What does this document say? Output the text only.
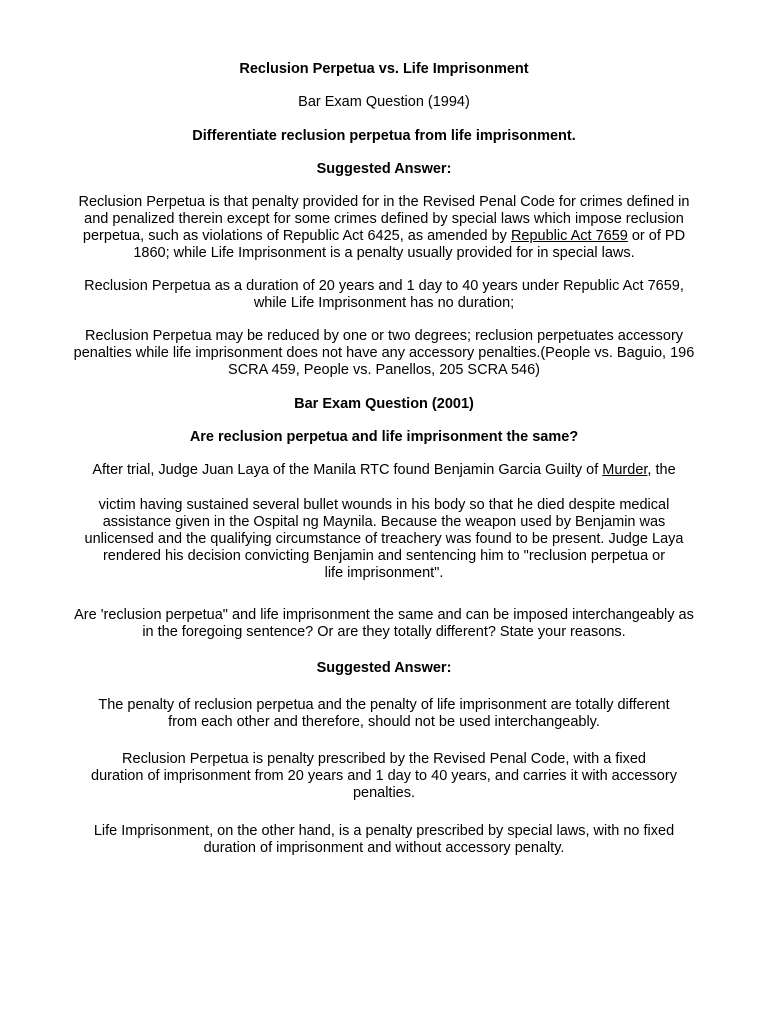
Reclusion Perpetua vs. Life Imprisonment

Bar Exam Question (1994)

Differentiate reclusion perpetua from life imprisonment.

Suggested Answer:

Reclusion Perpetua is that penalty provided for in the Revised Penal Code for crimes defined in
and penalized therein except for some crimes defined by special laws which impose reclusion
perpetua, such as violations of Republic Act 6425, as amended by Republic Act 7659 or of PD
1860; while Life Imprisonment is a penalty usually provided for in special laws.
Reclusion Perpetua as a duration of 20 years and 1 day to 40 years under Republic Act 7659,
while Life Imprisonment has no duration;
Reclusion Perpetua may be reduced by one or two degrees; reclusion perpetuates accessory
penalties while life imprisonment does not have any accessory penalties.(People vs. Baguio, 196
SCRA 459, People vs. Panellos, 205 SCRA 546)

Bar Exam Question (2001)

Are reclusion perpetua and life imprisonment the same?

After trial, Judge Juan Laya of the Manila RTC found Benjamin Garcia Guilty of Murder, the
victim having sustained several bullet wounds in his body so that he died despite medical
assistance given in the Ospital ng Maynila. Because the weapon used by Benjamin was
unlicensed and the qualifying circumstance of treachery was found to be present. Judge Laya
rendered his decision convicting Benjamin and sentencing him to "reclusion perpetua or
life imprisonment".
Are 'reclusion perpetua" and life imprisonment the same and can be imposed interchangeably as
in the foregoing sentence? Or are they totally different? State your reasons.

Suggested Answer:

The penalty of reclusion perpetua and the penalty of life imprisonment are totally different
from each other and therefore, should not be used interchangeably.
Reclusion Perpetua is penalty prescribed by the Revised Penal Code, with a fixed
duration of imprisonment from 20 years and 1 day to 40 years, and carries it with accessory
penalties.
Life Imprisonment, on the other hand, is a penalty prescribed by special laws, with no fixed
duration of imprisonment and without accessory penalty.
